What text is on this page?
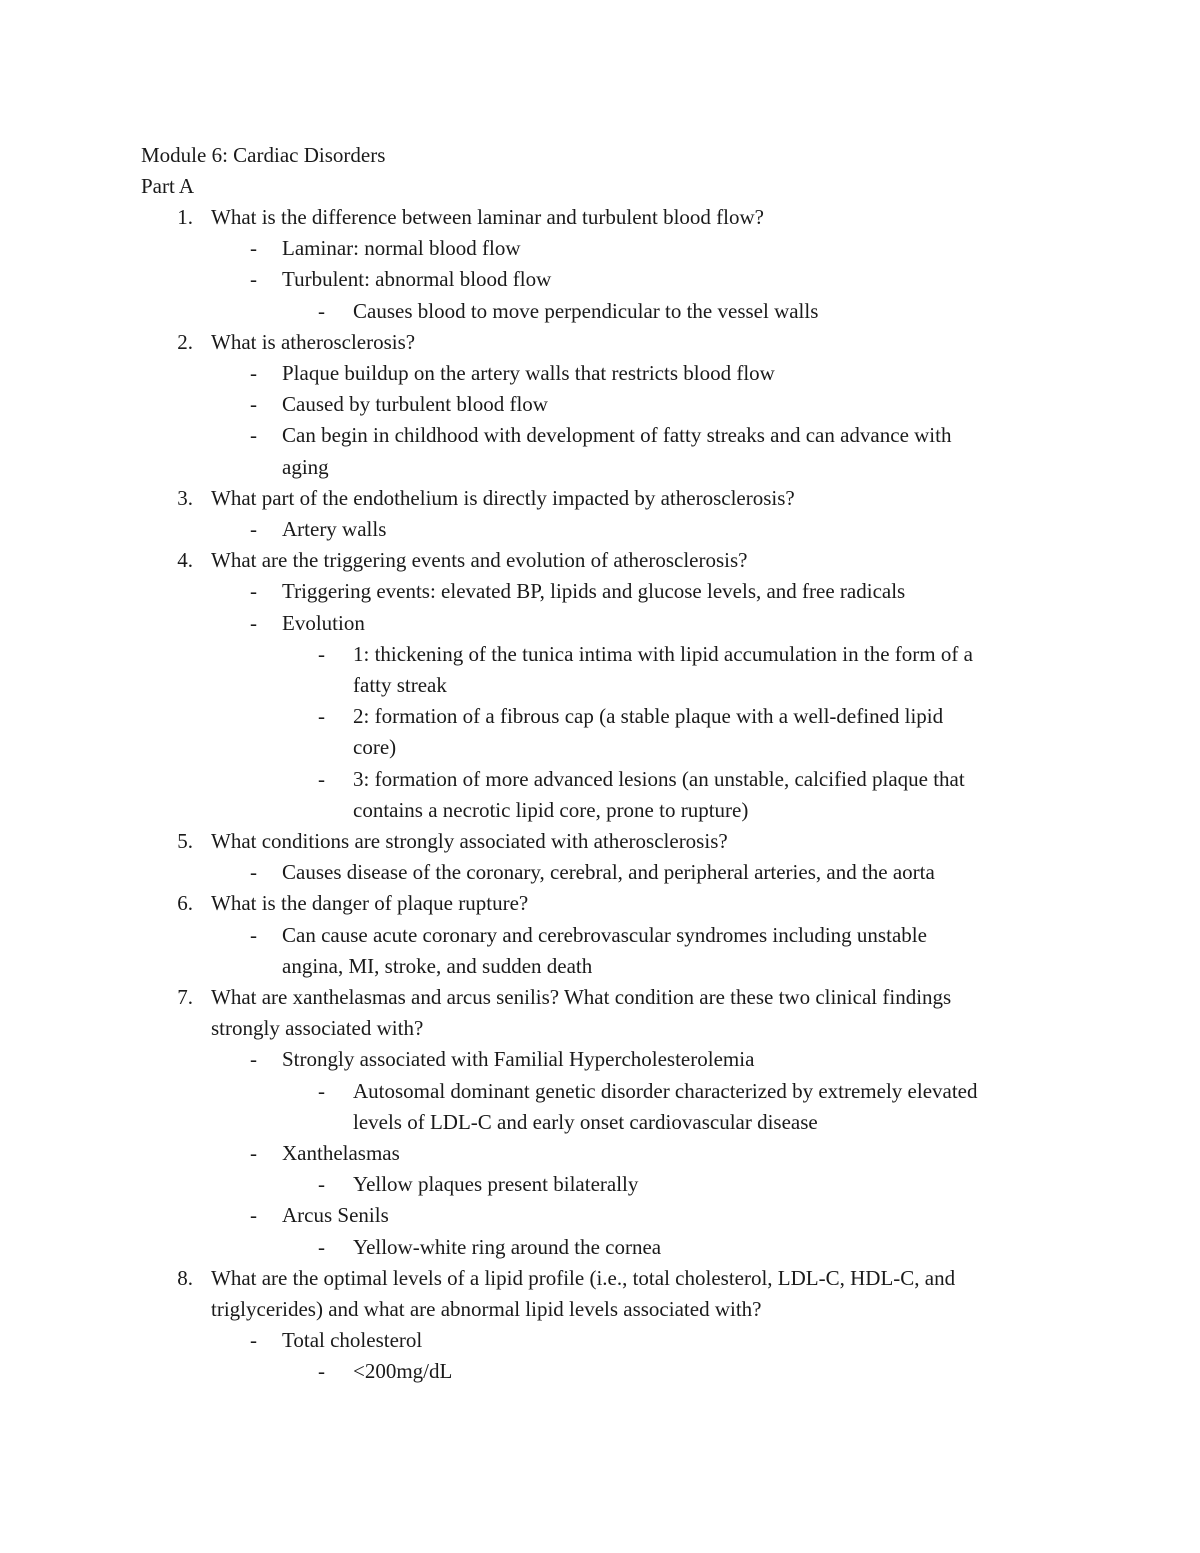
Module 6: Cardiac Disorders
Part A
1. What is the difference between laminar and turbulent blood flow?
- Laminar: normal blood flow
- Turbulent: abnormal blood flow
- Causes blood to move perpendicular to the vessel walls
2. What is atherosclerosis?
- Plaque buildup on the artery walls that restricts blood flow
- Caused by turbulent blood flow
- Can begin in childhood with development of fatty streaks and can advance with
aging
3. What part of the endothelium is directly impacted by atherosclerosis?
- Artery walls
4. What are the triggering events and evolution of atherosclerosis?
- Triggering events: elevated BP, lipids and glucose levels, and free radicals
- Evolution
- 1: thickening of the tunica intima with lipid accumulation in the form of a
fatty streak
- 2: formation of a fibrous cap (a stable plaque with a well-defined lipid
core)
- 3: formation of more advanced lesions (an unstable, calcified plaque that
contains a necrotic lipid core, prone to rupture)
5. What conditions are strongly associated with atherosclerosis?
- Causes disease of the coronary, cerebral, and peripheral arteries, and the aorta
6. What is the danger of plaque rupture?
- Can cause acute coronary and cerebrovascular syndromes including unstable
angina, MI, stroke, and sudden death
7. What are xanthelasmas and arcus senilis? What condition are these two clinical findings
strongly associated with?
- Strongly associated with Familial Hypercholesterolemia
- Autosomal dominant genetic disorder characterized by extremely elevated
levels of LDL-C and early onset cardiovascular disease
- Xanthelasmas
- Yellow plaques present bilaterally
- Arcus Senils
- Yellow-white ring around the cornea
8. What are the optimal levels of a lipid profile (i.e., total cholesterol, LDL-C, HDL-C, and
triglycerides) and what are abnormal lipid levels associated with?
- Total cholesterol
- <200mg/dL
